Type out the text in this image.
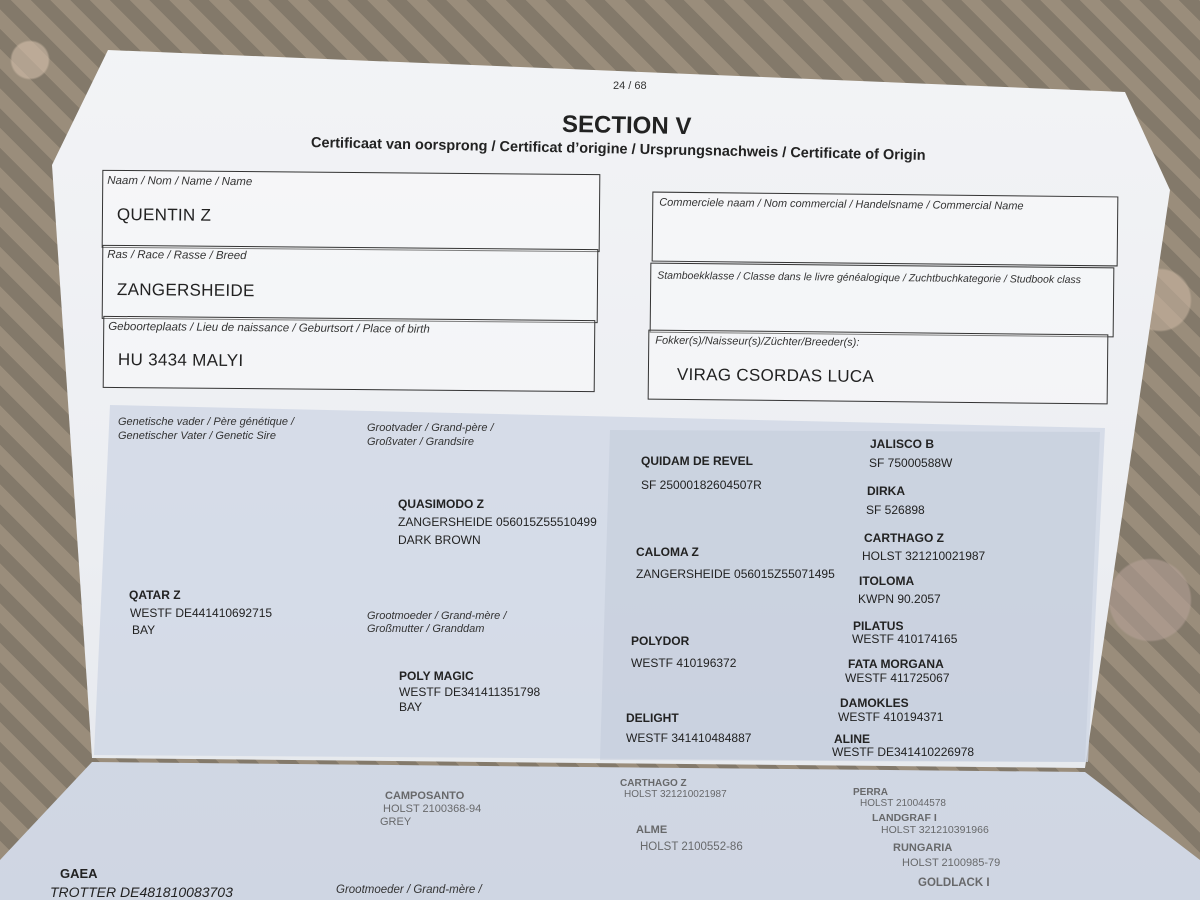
24 / 68
SECTION V
Certificaat van oorsprong / Certificat d’origine / Ursprungsnachweis / Certificate of Origin
Naam / Nom / Name / Name
QUENTIN Z
Ras / Race / Rasse / Breed
ZANGERSHEIDE
Geboorteplaats / Lieu de naissance / Geburtsort / Place of birth
HU 3434 MALYI
Commerciele naam / Nom commercial / Handelsname / Commercial Name
Stamboekklasse / Classe dans le livre généalogique / Zuchtbuchkategorie / Studbook class
Fokker(s)/Naisseur(s)/Züchter/Breeder(s):
VIRAG CSORDAS LUCA
Genetische vader / Père génétique /
Genetischer Vater / Genetic Sire
Grootvader / Grand-père /
Großvater / Grandsire
Grootmoeder / Grand-mère /
Großmutter / Granddam
QATAR Z
WESTF DE441410692715
BAY
QUASIMODO Z
ZANGERSHEIDE 056015Z55510499
DARK BROWN
POLY MAGIC
WESTF DE341411351798
BAY
QUIDAM DE REVEL
SF 25000182604507R
CALOMA Z
ZANGERSHEIDE 056015Z55071495
POLYDOR
WESTF 410196372
DELIGHT
WESTF 341410484887
JALISCO B
SF 75000588W
DIRKA
SF 526898
CARTHAGO Z
HOLST 321210021987
ITOLOMA
KWPN 90.2057
PILATUS
WESTF 410174165
FATA MORGANA
WESTF 411725067
DAMOKLES
WESTF 410194371
ALINE
WESTF DE341410226978
CAMPOSANTO
HOLST 2100368-94
GREY
CARTHAGO Z
HOLST 321210021987
ALME
HOLST 2100552-86
PERRA
HOLST 210044578
LANDGRAF I
HOLST 321210391966
RUNGARIA
HOLST 2100985-79
GOLDLACK I
GAEA
TROTTER DE481810083703	Grootmoeder / Grand-mère /
